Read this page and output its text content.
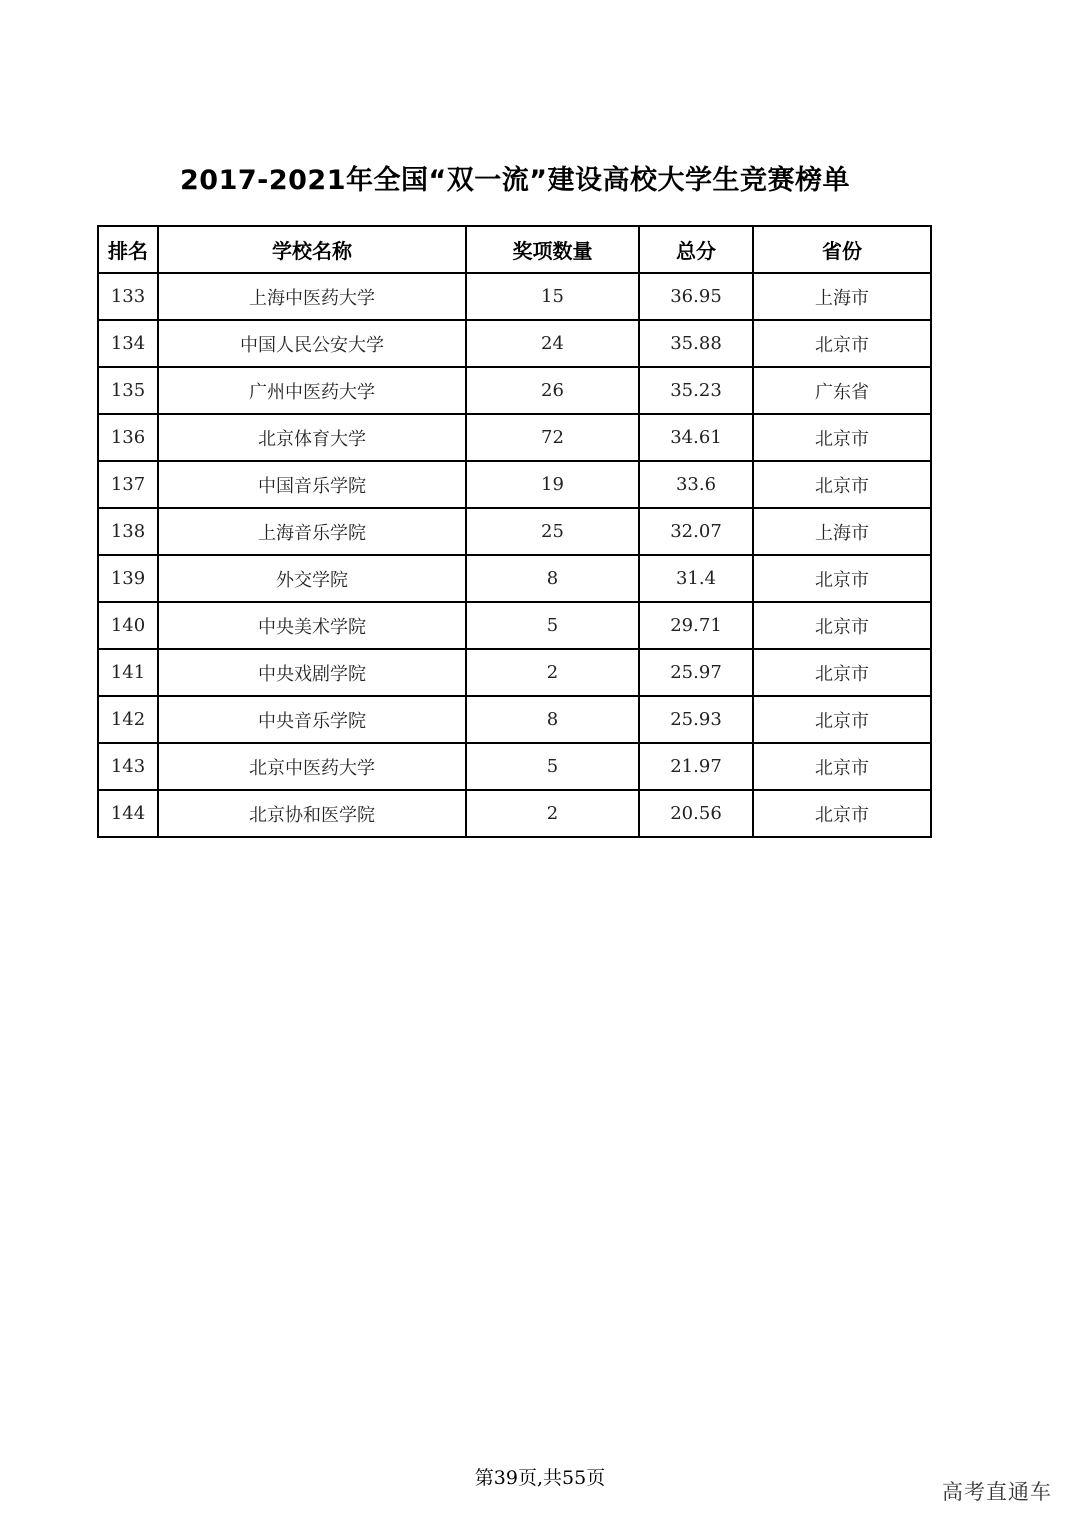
2017-2021年全国“双一流”建设高校大学生竞赛榜单
排名	学校名称	奖项数量	总分	省份
133	上海中医药大学	15	36.95	上海市
134	中国人民公安大学	24	35.88	北京市
135	广州中医药大学	26	35.23	广东省
136	北京体育大学	72	34.61	北京市
137	中国音乐学院	19	33.6	北京市
138	上海音乐学院	25	32.07	上海市
139	外交学院	8	31.4	北京市
140	中央美术学院	5	29.71	北京市
141	中央戏剧学院	2	25.97	北京市
142	中央音乐学院	8	25.93	北京市
143	北京中医药大学	5	21.97	北京市
144	北京协和医学院	2	20.56	北京市
第39页,共55页
高考直通车
